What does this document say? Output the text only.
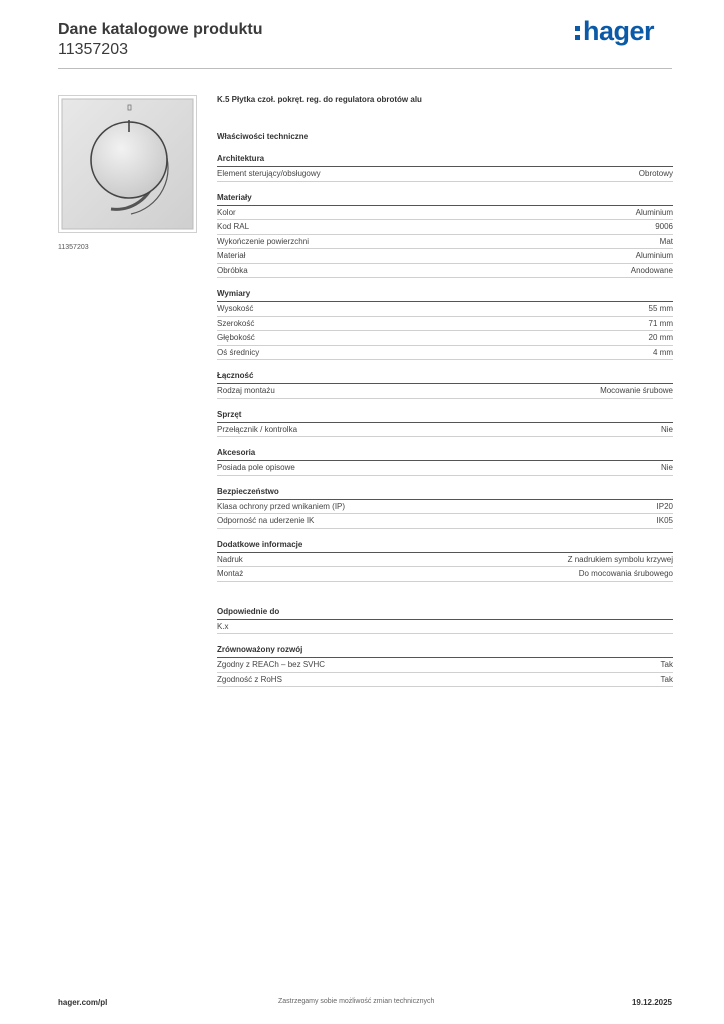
Dane katalogowe produktu
11357203
hager
11357203
K.5 Płytka czoł. pokręt. reg. do regulatora obrotów alu
Właściwości techniczne
Architektura
Element sterujący/obsługowy	Obrotowy
Materiały
Kolor	Aluminium
Kod RAL	9006
Wykończenie powierzchni	Mat
Materiał	Aluminium
Obróbka	Anodowane
Wymiary
Wysokość	55 mm
Szerokość	71 mm
Głębokość	20 mm
Oś średnicy	4 mm
Łączność
Rodzaj montażu	Mocowanie śrubowe
Sprzęt
Przełącznik / kontrolka	Nie
Akcesoria
Posiada pole opisowe	Nie
Bezpieczeństwo
Klasa ochrony przed wnikaniem (IP)	IP20
Odporność na uderzenie IK	IK05
Dodatkowe informacje
Nadruk	Z nadrukiem symbolu krzywej
Montaż	Do mocowania śrubowego
Odpowiednie do
K.x
Zrównoważony rozwój
Zgodny z REACh – bez SVHC	Tak
Zgodność z RoHS	Tak
hager.com/pl	Zastrzegamy sobie możliwość zmian technicznych	19.12.2025
